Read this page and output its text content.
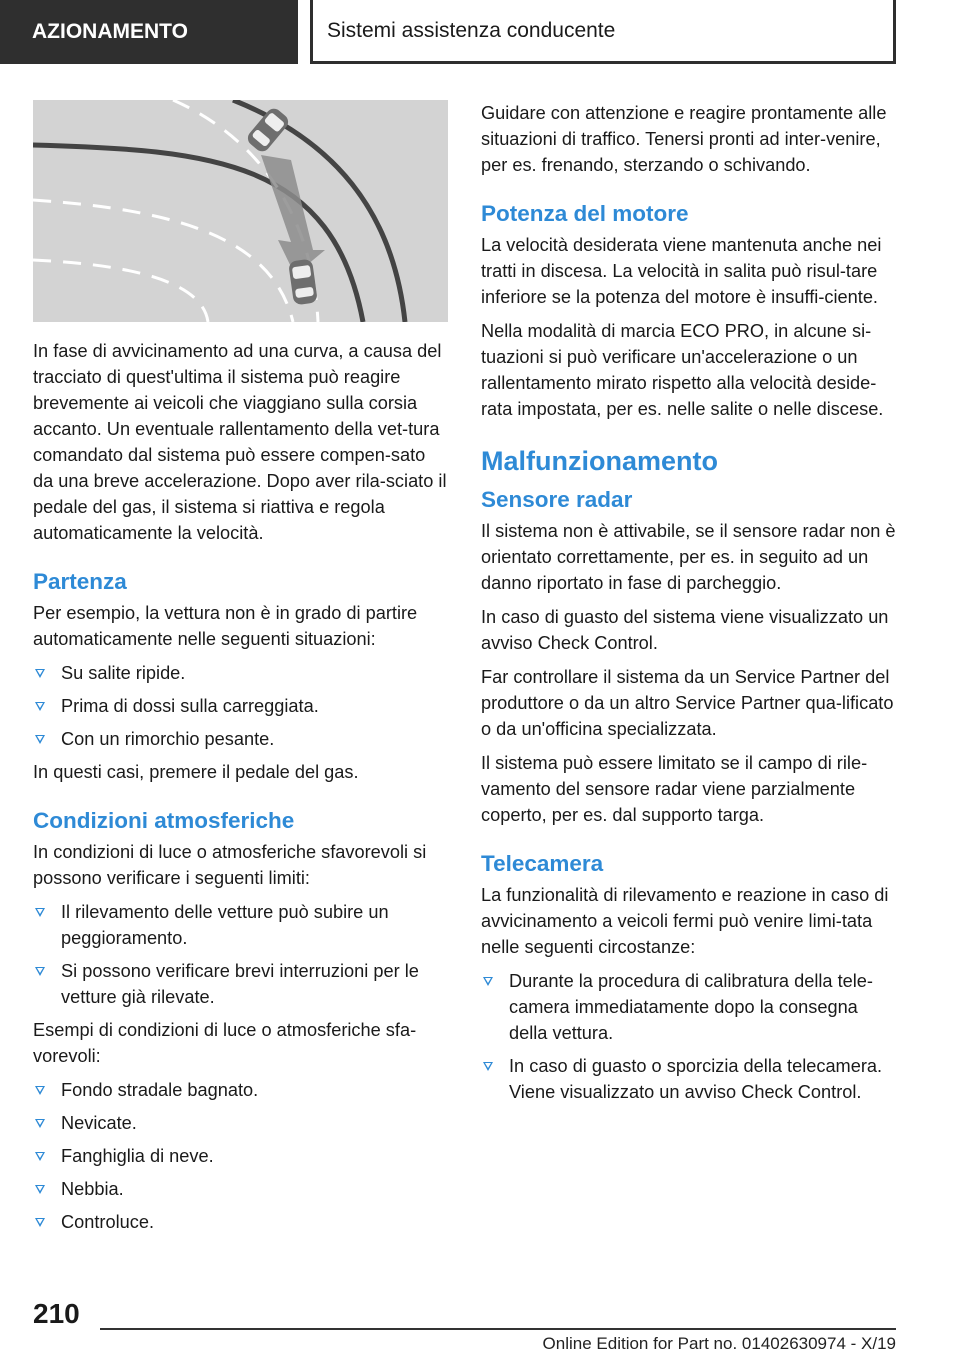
AZIONAMENTO	Sistemi assistenza conducente

In fase di avvicinamento ad una curva, a causa del tracciato di quest'ultima il sistema può reagire brevemente ai veicoli che viaggiano sulla corsia accanto. Un eventuale rallentamento della vet‐tura comandato dal sistema può essere compen‐sato da una breve accelerazione. Dopo aver rila‐sciato il pedale del gas, il sistema si riattiva e regola automaticamente la velocità.

Partenza

Per esempio, la vettura non è in grado di partire automaticamente nelle seguenti situazioni:

Su salite ripide.
Prima di dossi sulla carreggiata.
Con un rimorchio pesante.

In questi casi, premere il pedale del gas.

Condizioni atmosferiche

In condizioni di luce o atmosferiche sfavorevoli si possono verificare i seguenti limiti:

Il rilevamento delle vetture può subire un peggioramento.
Si possono verificare brevi interruzioni per le vetture già rilevate.

Esempi di condizioni di luce o atmosferiche sfa‐vorevoli:

Fondo stradale bagnato.
Nevicate.
Fanghiglia di neve.
Nebbia.
Controluce.

Guidare con attenzione e reagire prontamente alle situazioni di traffico. Tenersi pronti ad inter‐venire, per es. frenando, sterzando o schivando.

Potenza del motore

La velocità desiderata viene mantenuta anche nei tratti in discesa. La velocità in salita può risul‐tare inferiore se la potenza del motore è insuffi‐ciente.

Nella modalità di marcia ECO PRO, in alcune si‐tuazioni si può verificare un'accelerazione o un rallentamento mirato rispetto alla velocità deside‐rata impostata, per es. nelle salite o nelle discese.

Malfunzionamento
Sensore radar

Il sistema non è attivabile, se il sensore radar non è orientato correttamente, per es. in seguito ad un danno riportato in fase di parcheggio.

In caso di guasto del sistema viene visualizzato un avviso Check Control.

Far controllare il sistema da un Service Partner del produttore o da un altro Service Partner qua‐lificato o da un'officina specializzata.

Il sistema può essere limitato se il campo di rile‐vamento del sensore radar viene parzialmente coperto, per es. dal supporto targa.

Telecamera

La funzionalità di rilevamento e reazione in caso di avvicinamento a veicoli fermi può venire limi‐tata nelle seguenti circostanze:

Durante la procedura di calibratura della tele‐camera immediatamente dopo la consegna della vettura.
In caso di guasto o sporcizia della telecamera. Viene visualizzato un avviso Check Control.
210
Online Edition for Part no. 01402630974 - X/19
